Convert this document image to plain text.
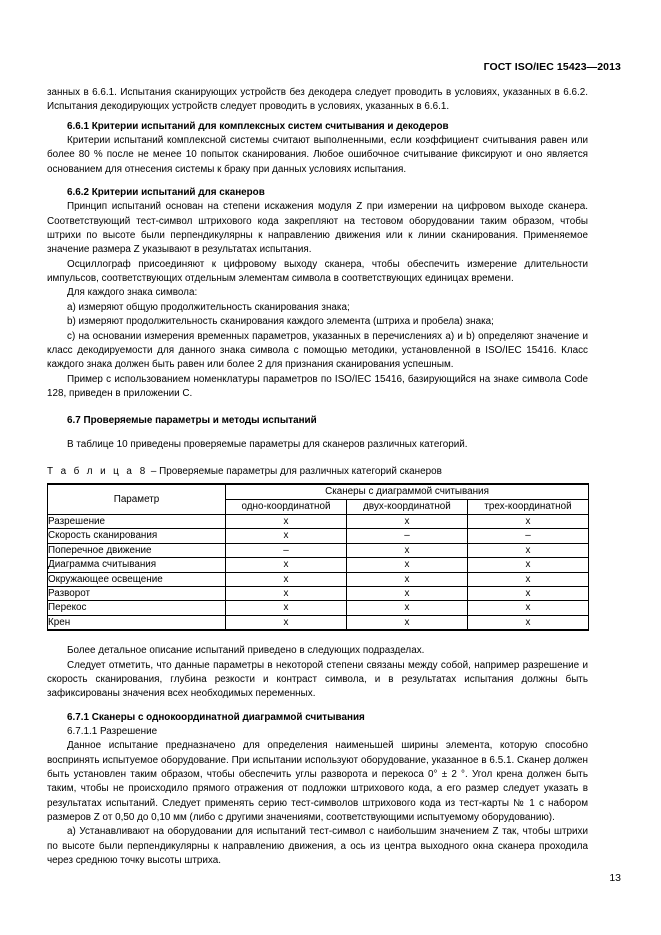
ГОСТ ISO/IEC 15423—2013

занных в 6.6.1. Испытания сканирующих устройств без декодера следует проводить в условиях, указанных в 6.6.2. Испытания декодирующих устройств следует проводить в условиях, указанных в 6.6.1.

6.6.1 Критерии испытаний для комплексных систем считывания и декодеров

Критерии испытаний комплексной системы считают выполненными, если коэффициент считывания равен или более 80 % после не менее 10 попыток сканирования. Любое ошибочное считывание фиксируют и оно является основанием для отнесения системы к браку при данных условиях испытания.

6.6.2 Критерии испытаний для сканеров

Принцип испытаний основан на степени искажения модуля Z при измерении на цифровом выходе сканера. Соответствующий тест-символ штрихового кода закрепляют на тестовом оборудовании таким образом, чтобы штрихи по высоте были перпендикулярны к направлению движения или к линии сканирования. Применяемое значение размера Z указывают в результатах испытания.

Осциллограф присоединяют к цифровому выходу сканера, чтобы обеспечить измерение длительности импульсов, соответствующих отдельным элементам символа в соответствующих единицах времени.

Для каждого знака символа:

a) измеряют общую продолжительность сканирования знака;

b) измеряют продолжительность сканирования каждого элемента (штриха и пробела) знака;

c) на основании измерения временных параметров, указанных в перечислениях a) и b) определяют значение и класс декодируемости для данного знака символа с помощью методики, установленной в ISO/IEC 15416. Класс каждого знака должен быть равен или более 2 для признания сканирования успешным.

Пример с использованием номенклатуры параметров по ISO/IEC 15416, базирующийся на знаке символа Code 128, приведен в приложении С.

6.7 Проверяемые параметры и методы испытаний

В таблице 10 приведены проверяемые параметры для сканеров различных категорий.

Т а б л и ц а 8 – Проверяемые параметры для различных категорий сканеров
Параметр	Сканеры с диаграммой считывания		
	одно-координатной	двух-координатной	трех-координатной
Разрешение	x	x	x
Скорость сканирования	x	–	–
Поперечное движение	–	x	x
Диаграмма считывания	x	x	x
Окружающее освещение	x	x	x
Разворот	x	x	x
Перекос	x	x	x
Крен	x	x	x

Более детальное описание испытаний приведено в следующих подразделах.

Следует отметить, что данные параметры в некоторой степени связаны между собой, например разрешение и скорость сканирования, глубина резкости и контраст символа, и в результатах испытания должны быть зафиксированы значения всех необходимых переменных.

6.7.1 Сканеры с однокоординатной диаграммой считывания

6.7.1.1 Разрешение

Данное испытание предназначено для определения наименьшей ширины элемента, которую способно воспринять испытуемое оборудование. При испытании используют оборудование, указанное в 6.5.1. Сканер должен быть установлен таким образом, чтобы обеспечить углы разворота и перекоса 0° ± 2 °. Угол крена должен быть таким, чтобы не происходило прямого отражения от подложки штрихового кода, а его размер следует указать в результатах испытаний. Следует применять серию тест-символов штрихового кода из тест-карты № 1 с набором размеров Z от 0,50 до 0,10 мм (либо с другими значениями, соответствующими испытуемому оборудованию).

a) Устанавливают на оборудовании для испытаний тест-символ с наибольшим значением Z так, чтобы штрихи по высоте были перпендикулярны к направлению движения, а ось из центра выходного окна сканера проходила через среднюю точку высоты штриха.

13
